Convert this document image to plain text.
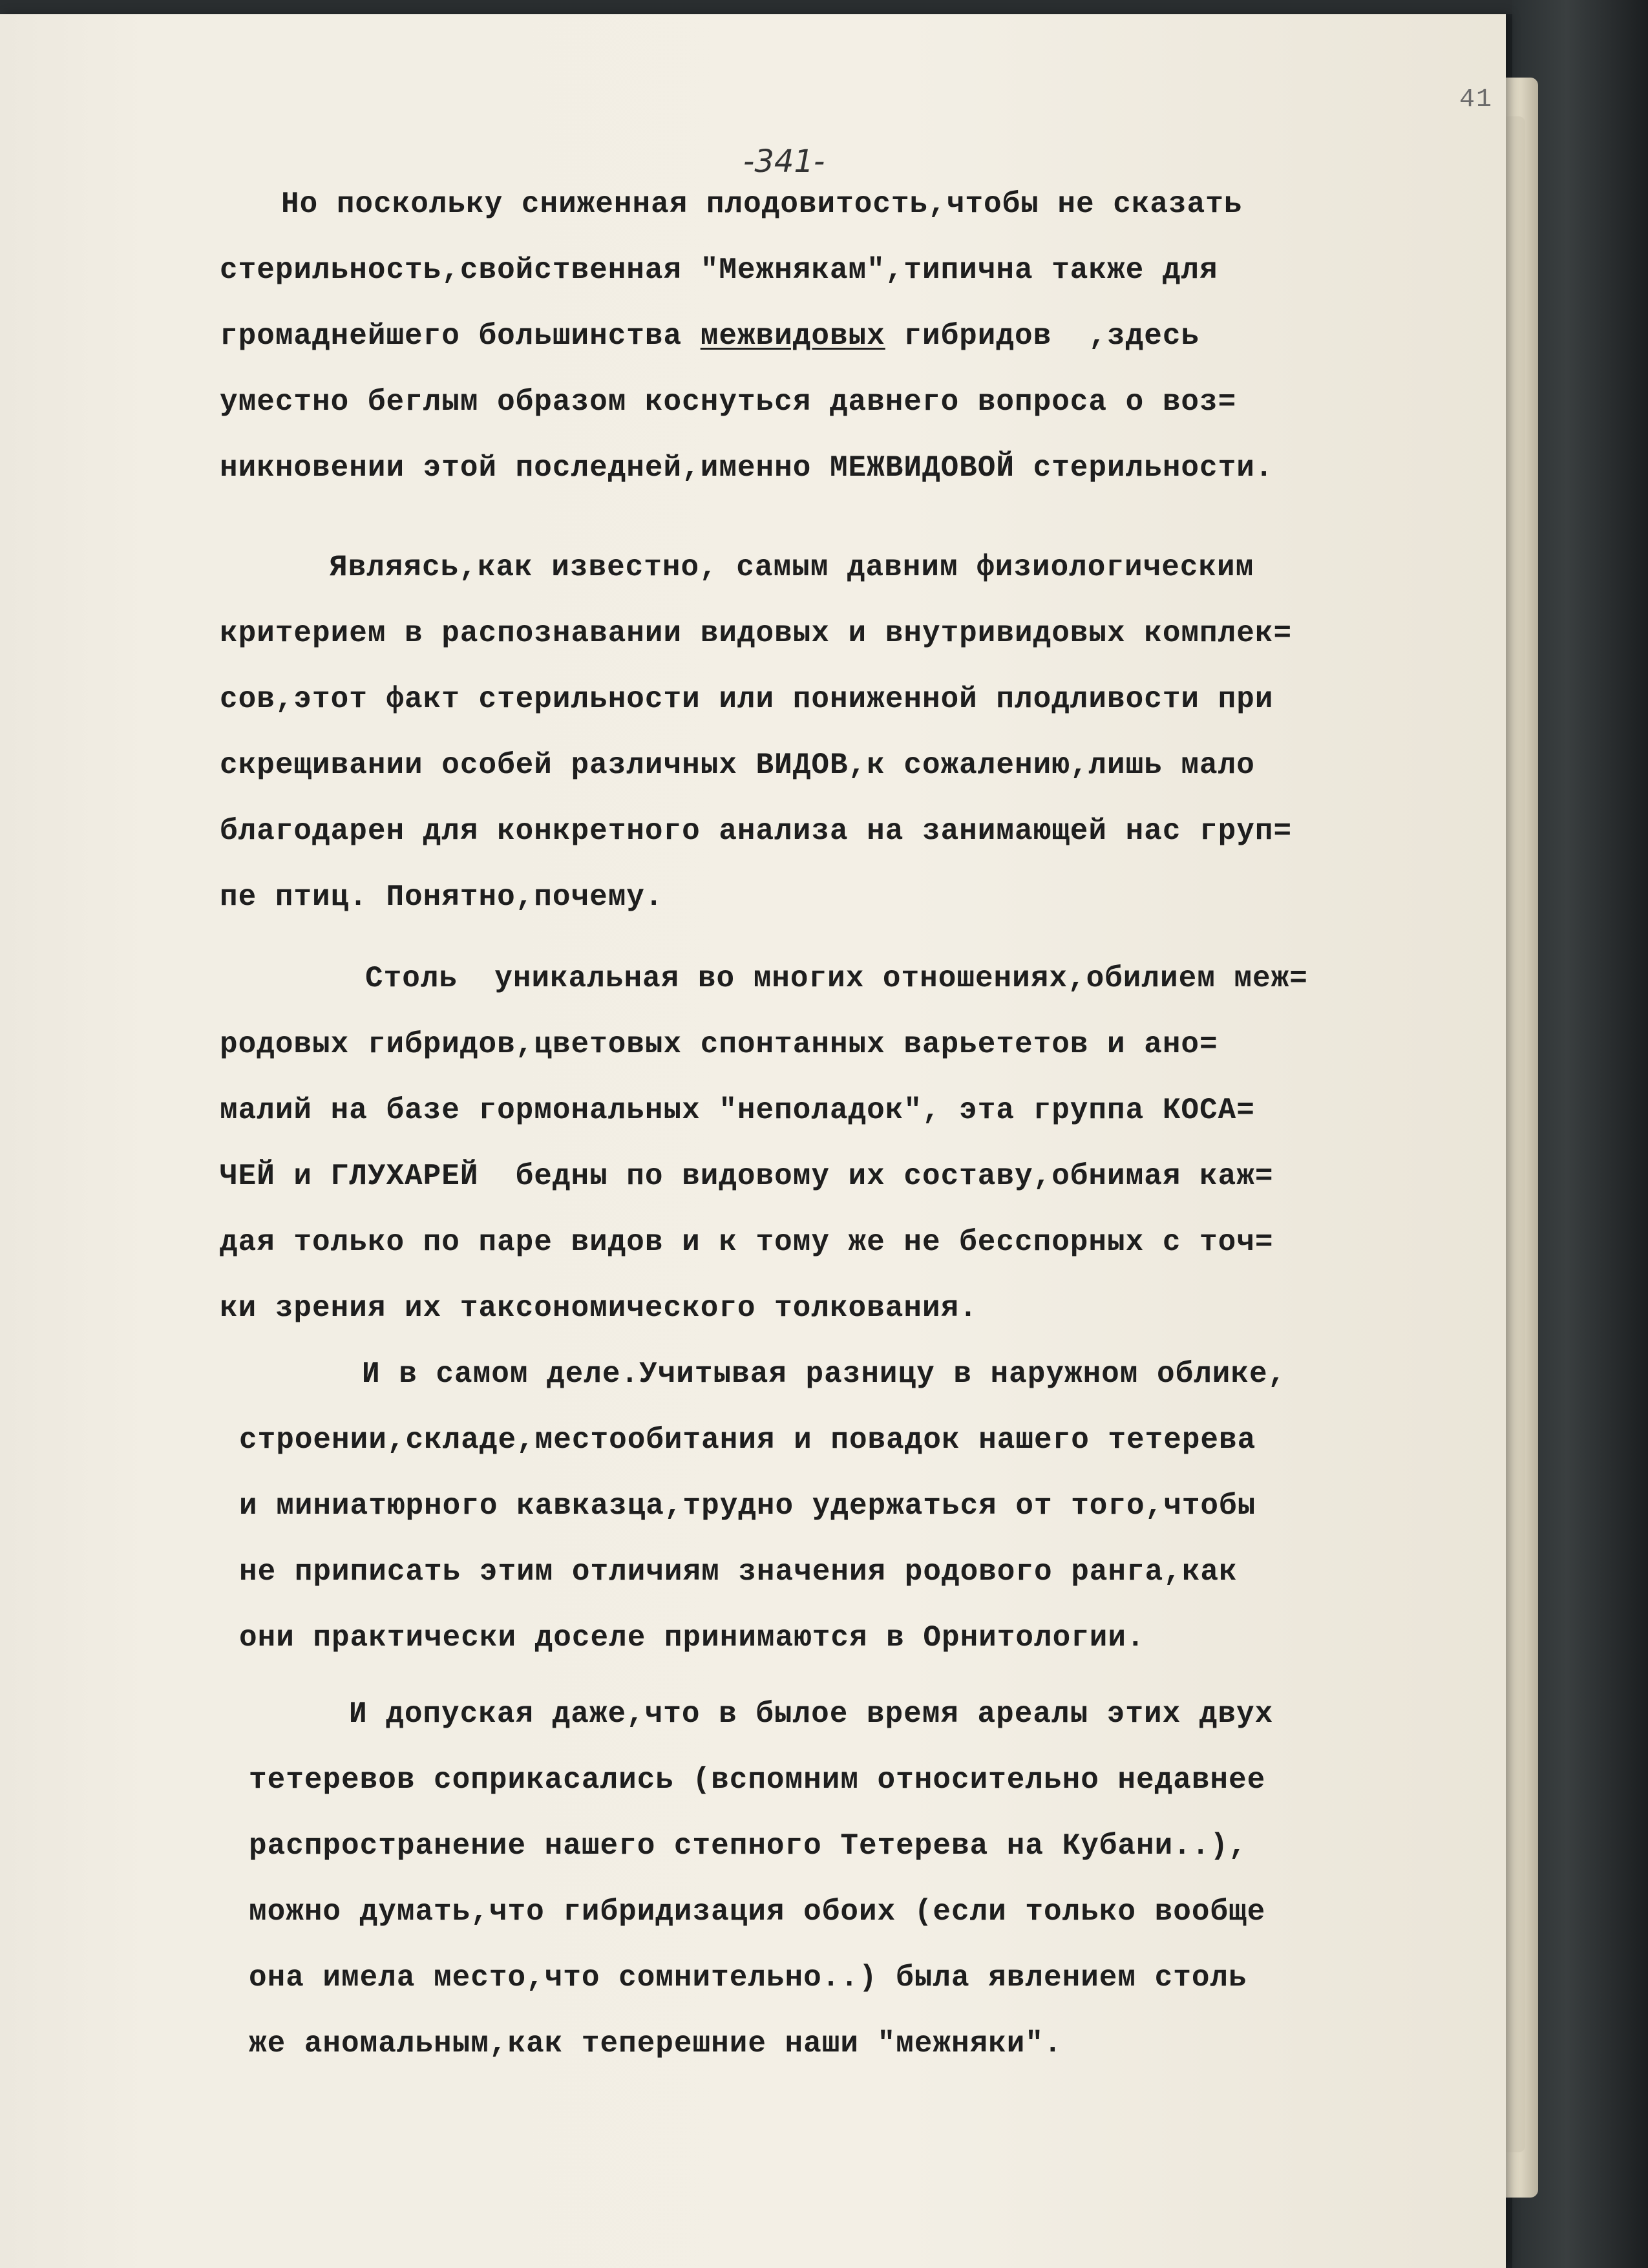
41
-341-
Но поскольку сниженная плодовитость,чтобы не сказать
стерильность,свойственная "Межнякам",типична также для
громаднейшего большинства межвидовых гибридов  ,здесь
уместно беглым образом коснуться давнего вопроса о воз=
никновении этой последней,именно МЕЖВИДОВОЙ стерильности.
Являясь,как известно, самым давним физиологическим
критерием в распознавании видовых и внутривидовых комплек=
сов,этот факт стерильности или пониженной плодливости при
скрещивании особей различных ВИДОВ,к сожалению,лишь мало
благодарен для конкретного анализа на занимающей нас груп=
пе птиц. Понятно,почему.
Столь  уникальная во многих отношениях,обилием меж=
родовых гибридов,цветовых спонтанных варьететов и ано=
малий на базе гормональных "неполадок", эта группа КОСА=
ЧЕЙ и ГЛУХАРЕЙ  бедны по видовому их составу,обнимая каж=
дая только по паре видов и к тому же не бесспорных с точ=
ки зрения их таксономического толкования.
И в самом деле.Учитывая разницу в наружном облике,
строении,складе,местообитания и повадок нашего тетерева
и миниатюрного кавказца,трудно удержаться от того,чтобы
не приписать этим отличиям значения родового ранга,как
они практически доселе принимаются в Орнитологии.
И допуская даже,что в былое время ареалы этих двух
тетеревов соприкасались (вспомним относительно недавнее
распространение нашего степного Тетерева на Кубани..),
можно думать,что гибридизация обоих (если только вообще
она имела место,что сомнительно..) была явлением столь
же аномальным,как теперешние наши "межняки".
